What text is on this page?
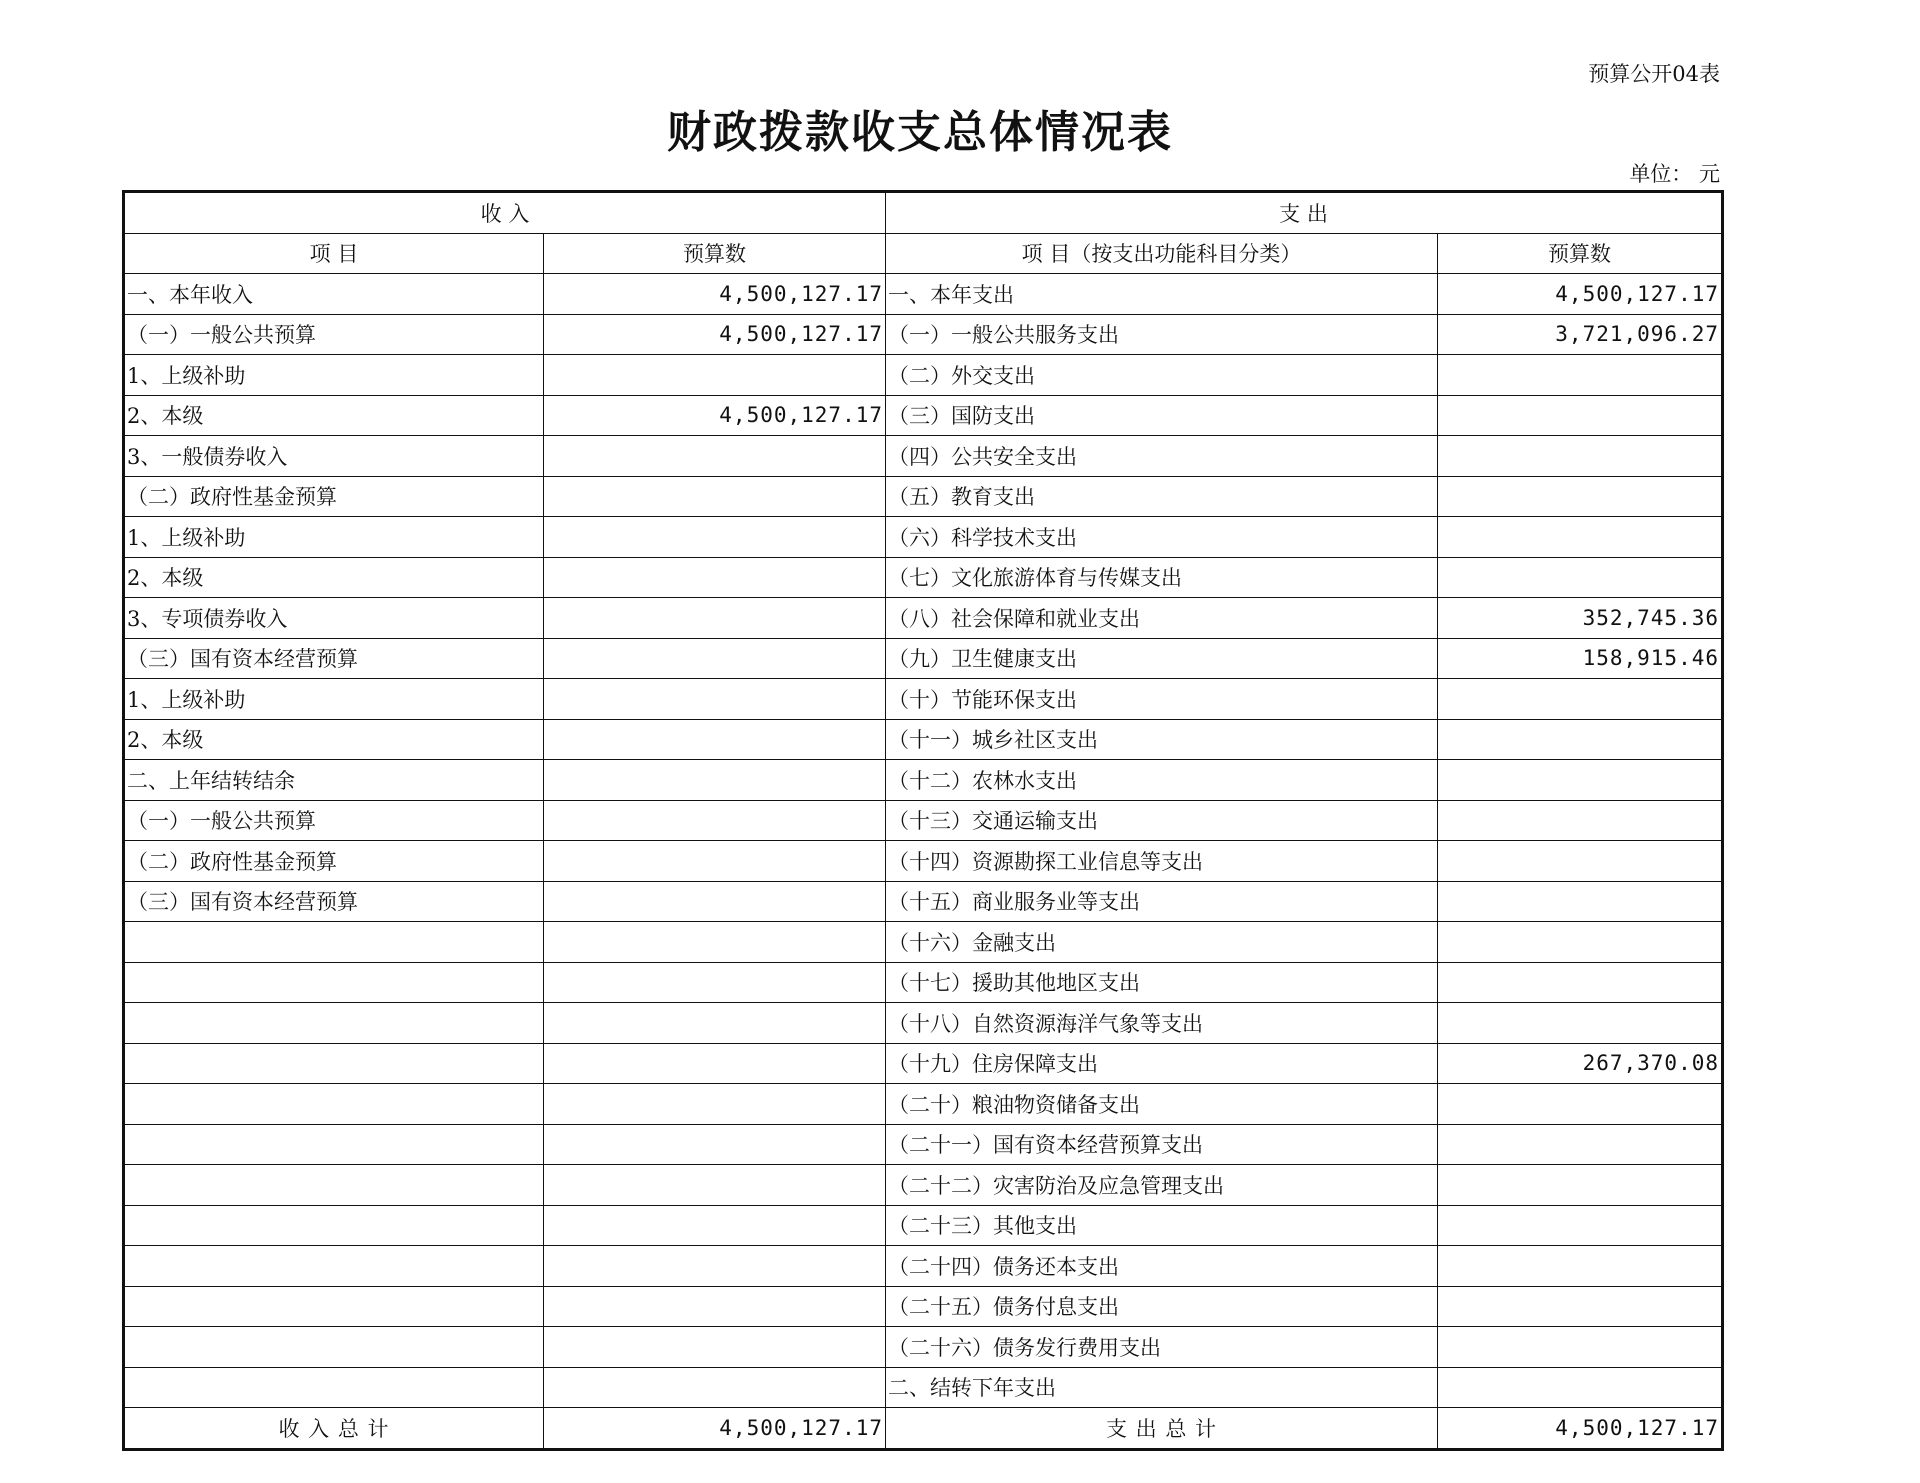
预算公开04表
财政拨款收支总体情况表
单位： 元
收 入		支 出	
项 目	预算数	项 目（按支出功能科目分类）	预算数
一、本年收入	4,500,127.17	一、本年支出	4,500,127.17
（一）一般公共预算	4,500,127.17	（一）一般公共服务支出	3,721,096.27
1、上级补助		（二）外交支出	
2、本级	4,500,127.17	（三）国防支出	
3、一般债券收入		（四）公共安全支出	
（二）政府性基金预算		（五）教育支出	
1、上级补助		（六）科学技术支出	
2、本级		（七）文化旅游体育与传媒支出	
3、专项债券收入		（八）社会保障和就业支出	352,745.36
（三）国有资本经营预算		（九）卫生健康支出	158,915.46
1、上级补助		（十）节能环保支出	
2、本级		（十一）城乡社区支出	
二、上年结转结余		（十二）农林水支出	
（一）一般公共预算		（十三）交通运输支出	
（二）政府性基金预算		（十四）资源勘探工业信息等支出	
（三）国有资本经营预算		（十五）商业服务业等支出	
		（十六）金融支出	
		（十七）援助其他地区支出	
		（十八）自然资源海洋气象等支出	
		（十九）住房保障支出	267,370.08
		（二十）粮油物资储备支出	
		（二十一）国有资本经营预算支出	
		（二十二）灾害防治及应急管理支出	
		（二十三）其他支出	
		（二十四）债务还本支出	
		（二十五）债务付息支出	
		（二十六）债务发行费用支出	
		二、结转下年支出	
收 入 总 计	4,500,127.17	支 出 总 计	4,500,127.17
